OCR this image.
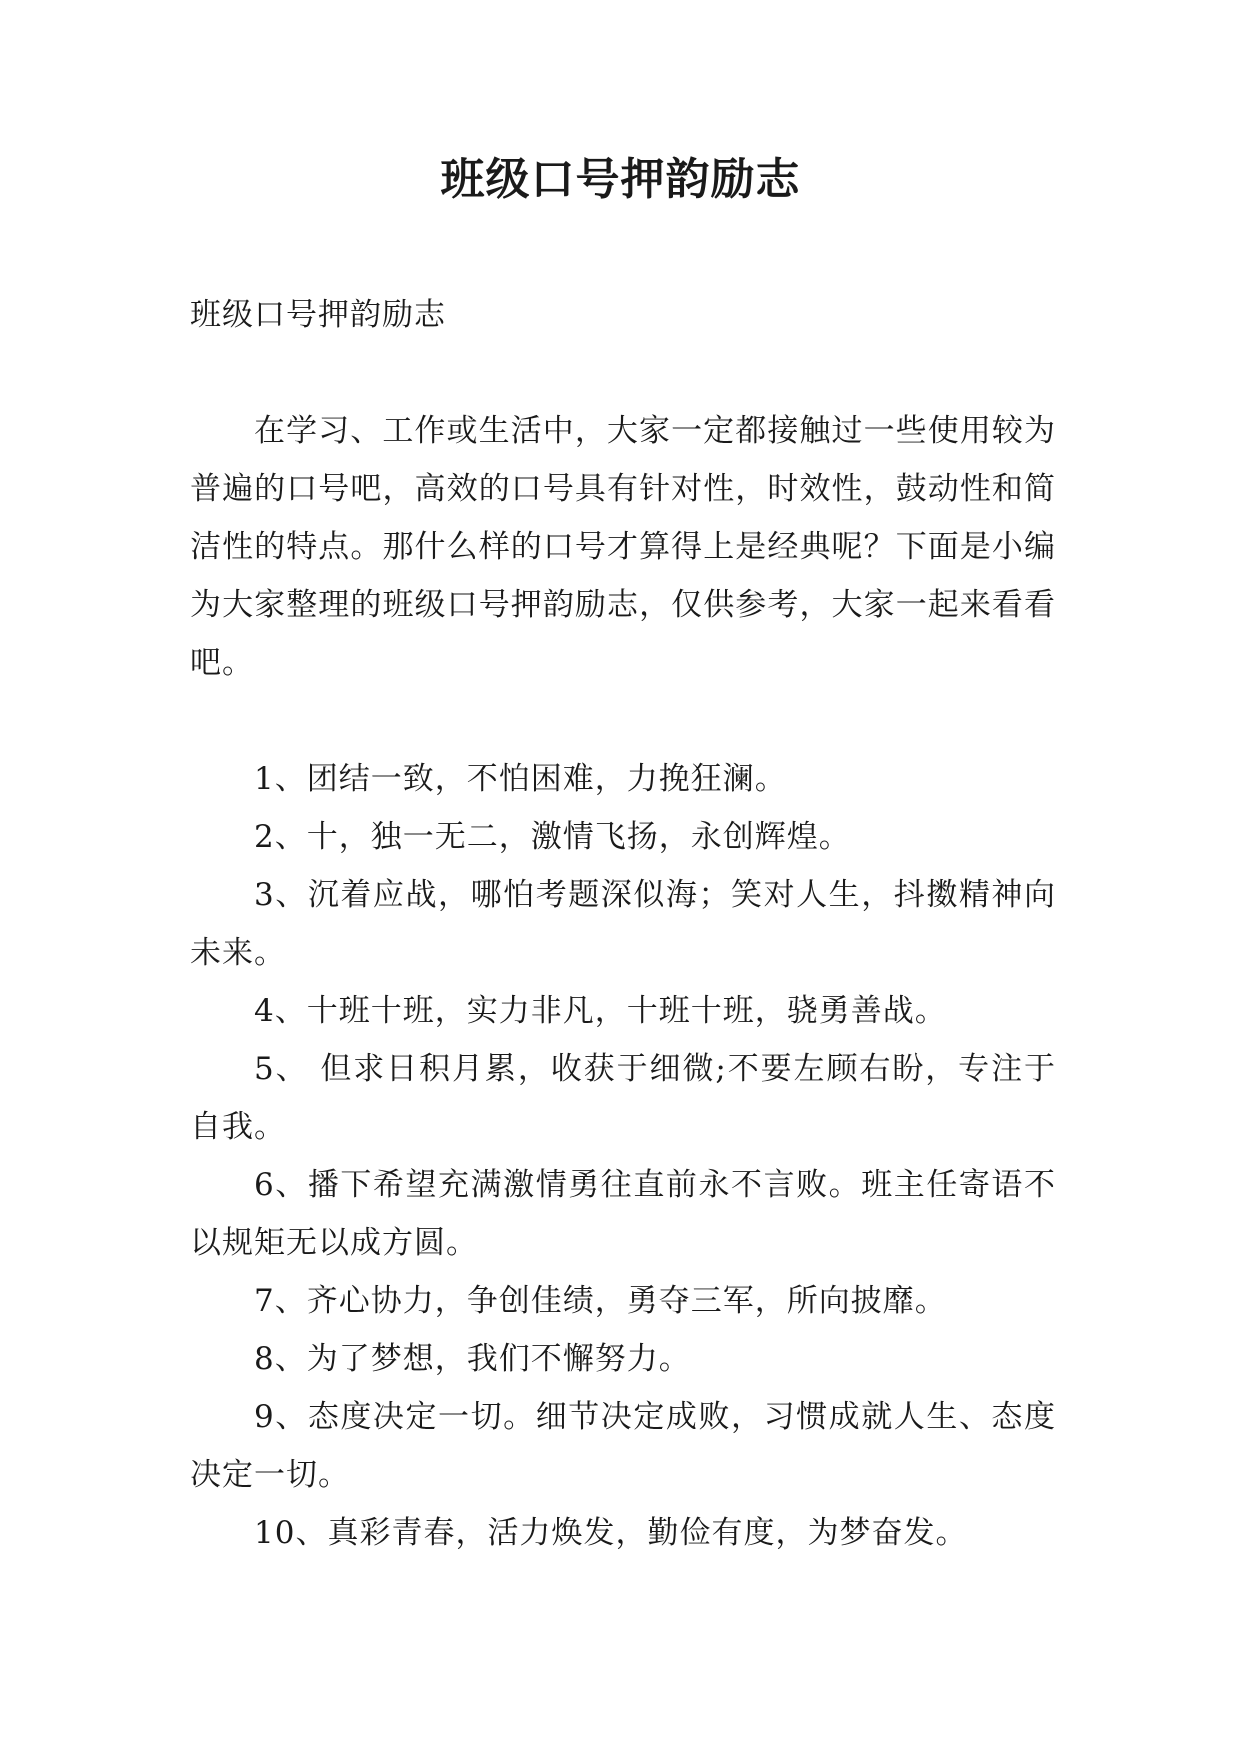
班级口号押韵励志

班级口号押韵励志

在学习、工作或生活中，大家一定都接触过一些使用较为普遍的口号吧，高效的口号具有针对性，时效性，鼓动性和简洁性的特点。那什么样的口号才算得上是经典呢？下面是小编为大家整理的班级口号押韵励志，仅供参考，大家一起来看看吧。

1、团结一致，不怕困难，力挽狂澜。

2、十，独一无二，激情飞扬，永创辉煌。

3、沉着应战，哪怕考题深似海；笑对人生，抖擞精神向未来。

4、十班十班，实力非凡，十班十班，骁勇善战。

5、 但求日积月累，收获于细微;不要左顾右盼，专注于自我。

6、播下希望充满激情勇往直前永不言败。班主任寄语不以规矩无以成方圆。

7、齐心协力，争创佳绩，勇夺三军，所向披靡。

8、为了梦想，我们不懈努力。

9、态度决定一切。细节决定成败，习惯成就人生、态度决定一切。

10、真彩青春，活力焕发，勤俭有度，为梦奋发。
